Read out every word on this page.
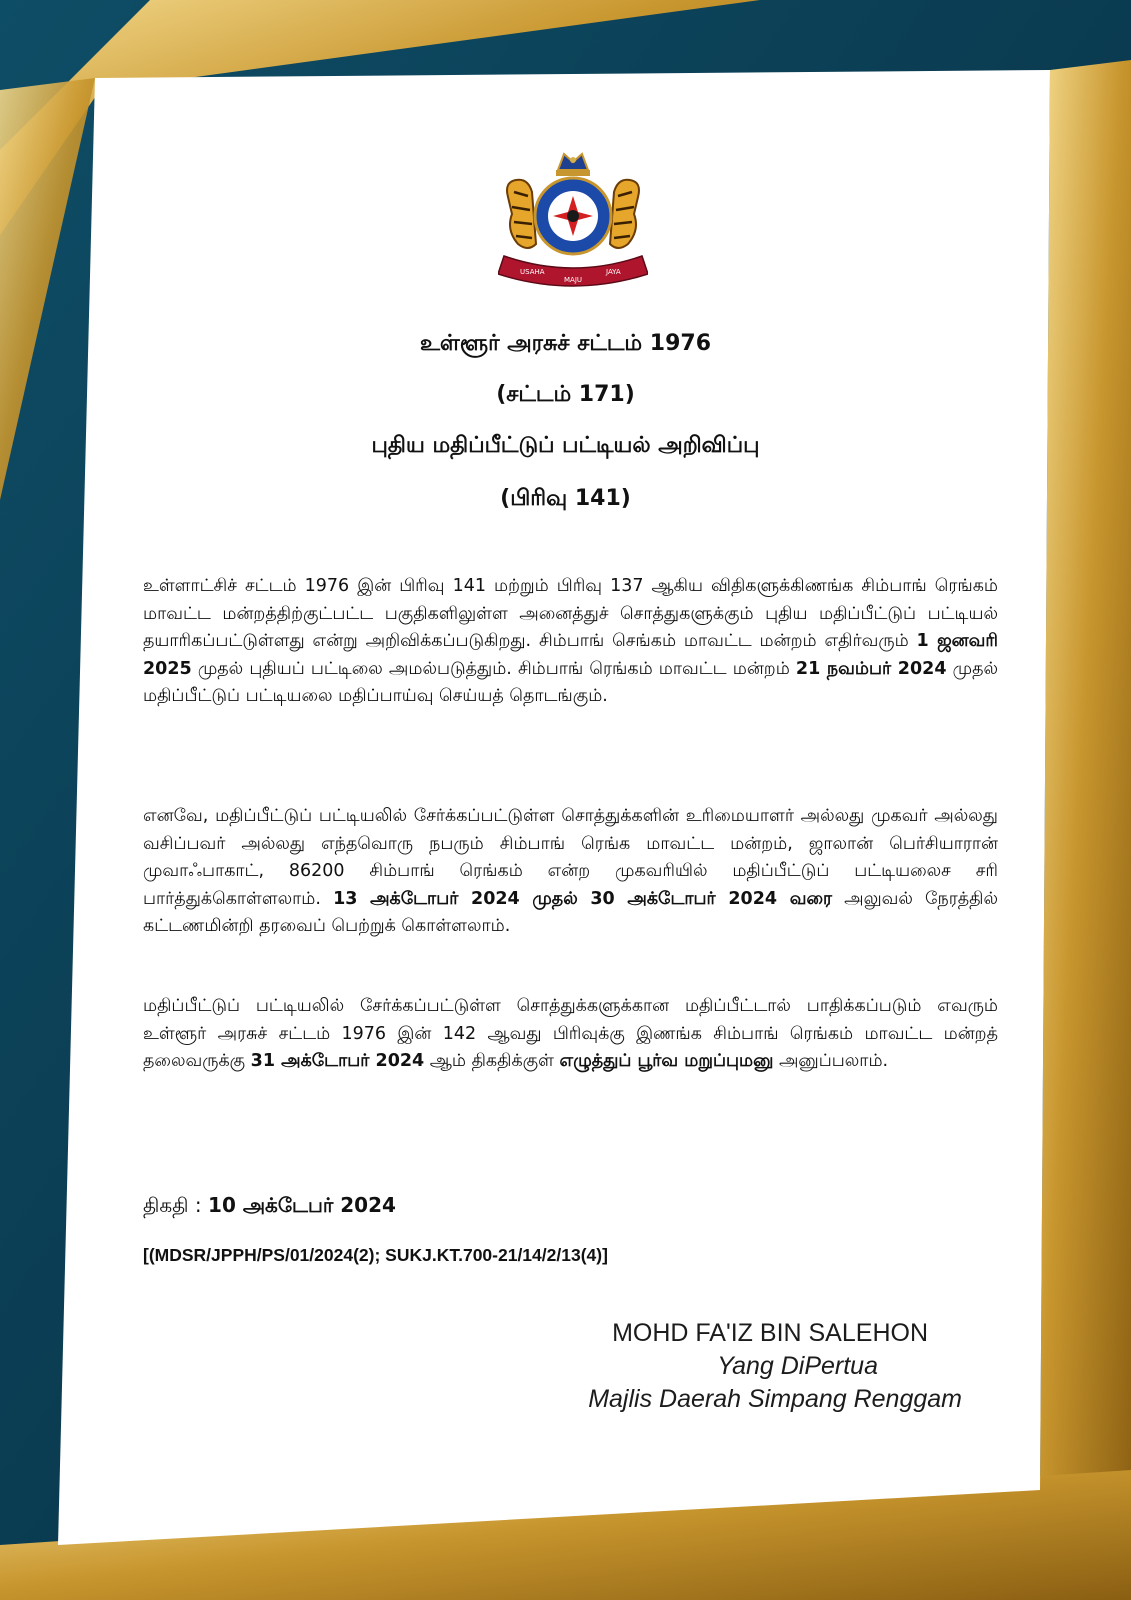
USAHA
MAJU
JAYA
உள்ளூர் அரசுச் சட்டம் 1976
(சட்டம் 171)
புதிய மதிப்பீட்டுப் பட்டியல் அறிவிப்பு
(பிரிவு 141)

உள்ளாட்சிச் சட்டம் 1976 இன் பிரிவு 141 மற்றும் பிரிவு 137 ஆகிய விதிகளுக்கிணங்க சிம்பாங் ரெங்கம் மாவட்ட மன்றத்திற்குட்பட்ட பகுதிகளிலுள்ள அனைத்துச் சொத்துகளுக்கும் புதிய மதிப்பீட்டுப் பட்டியல் தயாரிகப்பட்டுள்ளது என்று அறிவிக்கப்படுகிறது. சிம்பாங் செங்கம் மாவட்ட மன்றம் எதிர்வரும் 1 ஜனவரி 2025 முதல் புதியப் பட்டிலை அமல்படுத்தும். சிம்பாங் ரெங்கம் மாவட்ட மன்றம் 21 நவம்பர் 2024 முதல் மதிப்பீட்டுப் பட்டியலை மதிப்பாய்வு செய்யத் தொடங்கும்.

எனவே, மதிப்பீட்டுப் பட்டியலில் சேர்க்கப்பட்டுள்ள சொத்துக்களின் உரிமையாளர் அல்லது முகவர் அல்லது வசிப்பவர் அல்லது எந்தவொரு நபரும் சிம்பாங் ரெங்க மாவட்ட மன்றம், ஜாலான் பெர்சியாரான் முவாஃபாகாட், 86200 சிம்பாங் ரெங்கம் என்ற முகவரியில் மதிப்பீட்டுப் பட்டியலைச சரி பார்த்துக்கொள்ளலாம். 13 அக்டோபர் 2024 முதல் 30 அக்டோபர் 2024 வரை அலுவல் நேரத்தில் கட்டணமின்றி தரவைப் பெற்றுக் கொள்ளலாம்.

மதிப்பீட்டுப் பட்டியலில் சேர்க்கப்பட்டுள்ள சொத்துக்களுக்கான மதிப்பீட்டால் பாதிக்கப்படும் எவரும் உள்ளூர் அரசுச் சட்டம் 1976 இன் 142 ஆவது பிரிவுக்கு இணங்க சிம்பாங் ரெங்கம் மாவட்ட மன்றத் தலைவருக்கு 31 அக்டோபர் 2024 ஆம் திகதிக்குள் எழுத்துப் பூர்வ மறுப்புமனு அனுப்பலாம்.

திகதி : 10 அக்டேபர் 2024
[(MDSR/JPPH/PS/01/2024(2); SUKJ.KT.700-21/14/2/13(4)]
MOHD FA'IZ BIN SALEHON
Yang DiPertua
Majlis Daerah Simpang Renggam
